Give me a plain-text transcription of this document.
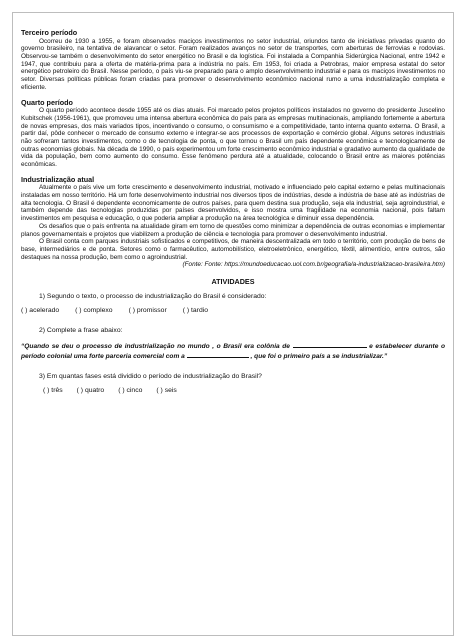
Terceiro período

Ocorreu de 1930 a 1955, e foram observados maciços investimentos no setor industrial, oriundos tanto de iniciativas privadas quanto do governo brasileiro, na tentativa de alavancar o setor. Foram realizados avanços no setor de transportes, com aberturas de ferrovias e rodovias. Observou-se também o desenvolvimento do setor energético no Brasil e da logística. Foi instalada a Companhia Siderúrgica Nacional, entre 1942 e 1947, que contribuiu para a oferta de matéria-prima para a indústria no país. Em 1953, foi criada a Petrobras, maior empresa estatal do setor energético petroleiro do Brasil. Nesse período, o país viu-se preparado para o amplo desenvolvimento industrial e para os maciços investimentos no setor. Diversas políticas públicas foram criadas para promover o desenvolvimento econômico nacional rumo a uma industrialização completa e eficiente.

Quarto período

O quarto período acontece desde 1955 até os dias atuais. Foi marcado pelos projetos políticos instalados no governo do presidente Juscelino Kubitschek (1956-1961), que promoveu uma intensa abertura econômica do país para as empresas multinacionais, ampliando fortemente a abertura de novas empresas, dos mais variados tipos, incentivando o consumo, o consumismo e a competitividade, tanto interna quanto externa. O Brasil, a partir daí, pôde conhecer o mercado de consumo externo e integrar-se aos processos de exportação e comércio global. Alguns setores industriais não sofreram tantos investimentos, como o de tecnologia de ponta, o que tornou o Brasil um país dependente econômica e tecnologicamente de outras economias globais. Na década de 1990, o país experimentou um forte crescimento econômico industrial e gradativo aumento da qualidade de vida da população, bem como aumento do consumo. Esse fenômeno perdura até a atualidade, colocando o Brasil entre as maiores potências econômicas.

Industrialização atual

Atualmente o país vive um forte crescimento e desenvolvimento industrial, motivado e influenciado pelo capital externo e pelas multinacionais instaladas em nosso território. Há um forte desenvolvimento industrial nos diversos tipos de indústrias, desde a indústria de base até as indústrias de alta tecnologia. O Brasil é dependente economicamente de outros países, para quem destina sua produção, seja ela industrial, seja agroindustrial, e também depende das tecnologias produzidas por países desenvolvidos, e isso mostra uma fragilidade na economia nacional, pois faltam investimentos em pesquisa e educação, o que poderia ampliar a produção na área tecnológica e diminuir essa dependência.

Os desafios que o país enfrenta na atualidade giram em torno de questões como minimizar a dependência de outras economias e implementar planos governamentais e projetos que viabilizem a produção de ciência e tecnologia para promover o desenvolvimento industrial.

O Brasil conta com parques industriais sofisticados e competitivos, de maneira descentralizada em todo o território, com produção de bens de base, intermediários e de ponta. Setores como o farmacêutico, automobilístico, eletroeletrônico, energético, têxtil, alimentício, entre outros, são destaques na nossa produção, bem como o agroindustrial.

(Fonte: Fonte: https://mundoeducacao.uol.com.br/geografia/a-industrializacao-brasileira.htm)

ATIVIDADES

1) Segundo o texto, o processo de industrialização do Brasil é considerado:

( ) acelerado ( ) complexo ( ) promissor ( ) tardio

2) Complete a frase abaixo:

“Quando se deu o processo de industrialização no mundo , o Brasil era colônia de	e estabelecer durante o período colonial uma forte parceria comercial com a	, que foi o primeiro país a se industrializar.”

3) Em quantas fases está dividido o período de industrialização do Brasil?

( ) três ( ) quatro ( ) cinco ( ) seis
